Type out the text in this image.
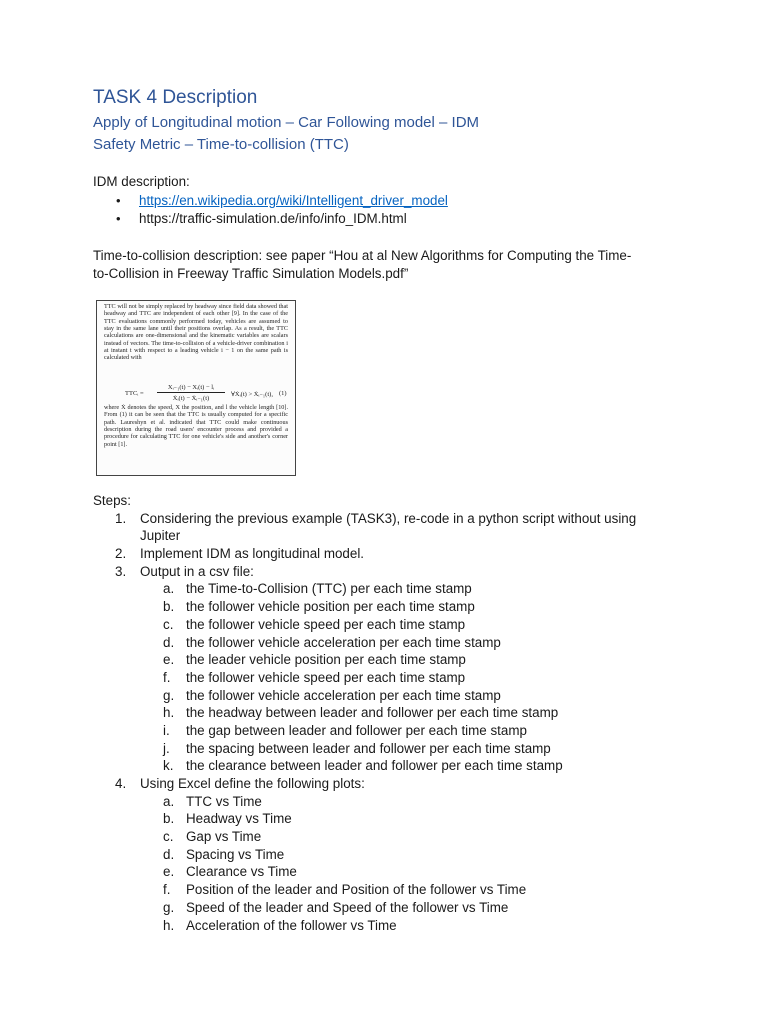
TASK 4 Description
Apply of Longitudinal motion – Car Following model – IDM
Safety Metric – Time-to-collision (TTC)
IDM description:
• https://en.wikipedia.org/wiki/Intelligent_driver_model
• https://traffic-simulation.de/info/info_IDM.html
Time-to-collision description: see paper “Hou at al New Algorithms for Computing the Time-
to-Collision in Freeway Traffic Simulation Models.pdf”
TTC will not be simply replaced by headway since field data showed that headway and TTC are independent of each other [9]. In the case of the TTC evaluations commonly performed today, vehicles are assumed to stay in the same lane until their positions overlap. As a result, the TTC calculations are one-dimensional and the kinematic variables are scalars instead of vectors. The time-to-collision of a vehicle-driver combination i at instant t with respect to a leading vehicle i − 1 on the same path is calculated with
TTCᵢ = $\frac{\text{Xᵢ₋₁(t) − Xᵢ(t) − lᵢ}}{\text{Ẋᵢ(t) − Ẋᵢ₋₁(t)}}$ ∀Ẋᵢ(t) > Ẋᵢ₋₁(t), (1)
where Ẋ denotes the speed, X the position, and l the vehicle length [10]. From (1) it can be seen that the TTC is usually computed for a specific path. Laureshyn et al. indicated that TTC could make continuous description during the road users' encounter process and provided a procedure for calculating TTC for one vehicle's side and another's corner point [1].
Steps:
1.	Considering the previous example (TASK3), re-code in a python script without using
Jupiter
2.	Implement IDM as longitudinal model.
3.	Output in a csv file:
a. the Time-to-Collision (TTC) per each time stamp
b. the follower vehicle position per each time stamp
c. the follower vehicle speed per each time stamp
d. the follower vehicle acceleration per each time stamp
e. the leader vehicle position per each time stamp
f.	the follower vehicle speed per each time stamp
g. the follower vehicle acceleration per each time stamp
h. the headway between leader and follower per each time stamp
i.	the gap between leader and follower per each time stamp
j.	the spacing between leader and follower per each time stamp
k. the clearance between leader and follower per each time stamp
4.	Using Excel define the following plots:
a. TTC vs Time
b. Headway vs Time
c. Gap vs Time
d. Spacing vs Time
e. Clearance vs Time
f.	Position of the leader and Position of the follower vs Time
g. Speed of the leader and Speed of the follower vs Time
h. Acceleration of the follower vs Time
